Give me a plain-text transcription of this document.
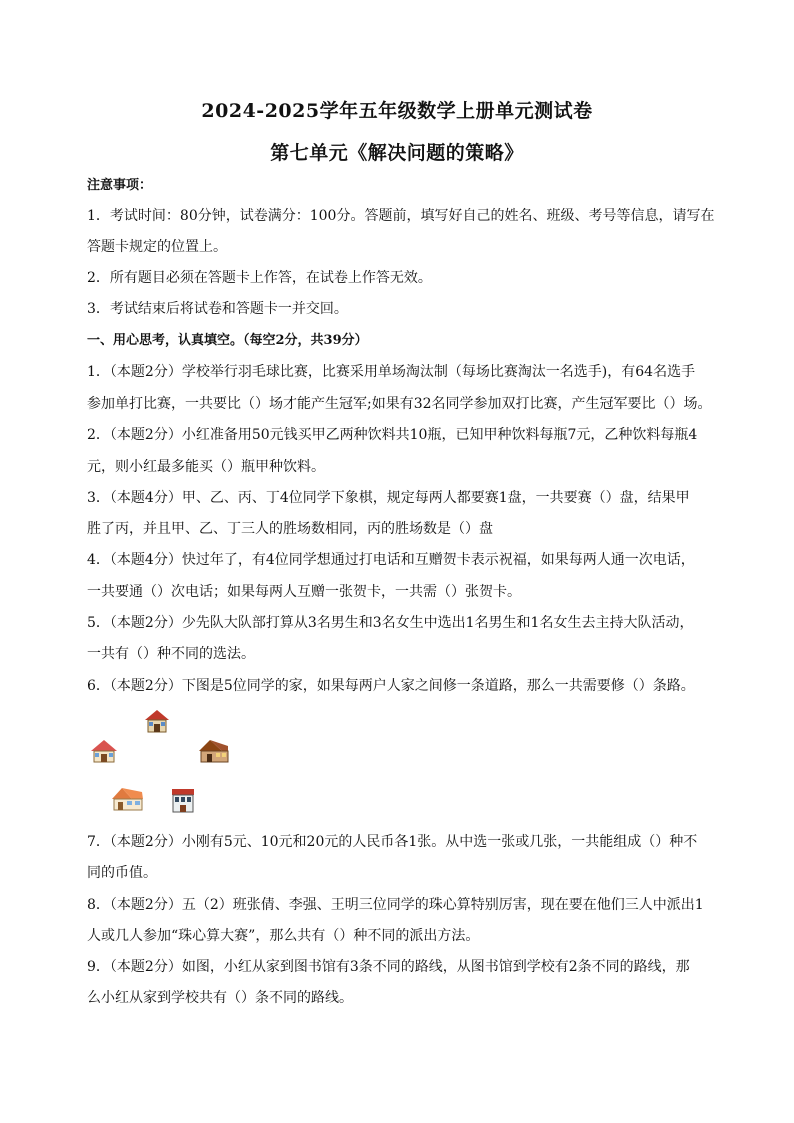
2024-2025学年五年级数学上册单元测试卷
第七单元《解决问题的策略》
注意事项：
1．考试时间：80分钟，试卷满分：100分。答题前，填写好自己的姓名、班级、考号等信息，请写在
答题卡规定的位置上。
2．所有题目必须在答题卡上作答，在试卷上作答无效。
3．考试结束后将试卷和答题卡一并交回。
一、用心思考，认真填空。（每空2分，共39分）
1．（本题2分）学校举行羽毛球比赛，比赛采用单场淘汰制（每场比赛淘汰一名选手)，有64名选手
参加单打比赛，一共要比（）场才能产生冠军;如果有32名同学参加双打比赛，产生冠军要比（）场。
2．（本题2分）小红准备用50元钱买甲乙两种饮料共10瓶，已知甲种饮料每瓶7元，乙种饮料每瓶4
元，则小红最多能买（）瓶甲种饮料。
3．（本题4分）甲、乙、丙、丁4位同学下象棋，规定每两人都要赛1盘，一共要赛（）盘，结果甲
胜了丙，并且甲、乙、丁三人的胜场数相同，丙的胜场数是（）盘
4．（本题4分）快过年了，有4位同学想通过打电话和互赠贺卡表示祝福，如果每两人通一次电话，
一共要通（）次电话；如果每两人互赠一张贺卡，一共需（）张贺卡。
5．（本题2分）少先队大队部打算从3名男生和3名女生中选出1名男生和1名女生去主持大队活动，
一共有（）种不同的选法。
6．（本题2分）下图是5位同学的家，如果每两户人家之间修一条道路，那么一共需要修（）条路。
7．（本题2分）小刚有5元、10元和20元的人民币各1张。从中选一张或几张，一共能组成（）种不
同的币值。
8．（本题2分）五（2）班张倩、李强、王明三位同学的珠心算特别厉害，现在要在他们三人中派出1
人或几人参加“珠心算大赛”，那么共有（）种不同的派出方法。
9．（本题2分）如图，小红从家到图书馆有3条不同的路线，从图书馆到学校有2条不同的路线，那
么小红从家到学校共有（）条不同的路线。
